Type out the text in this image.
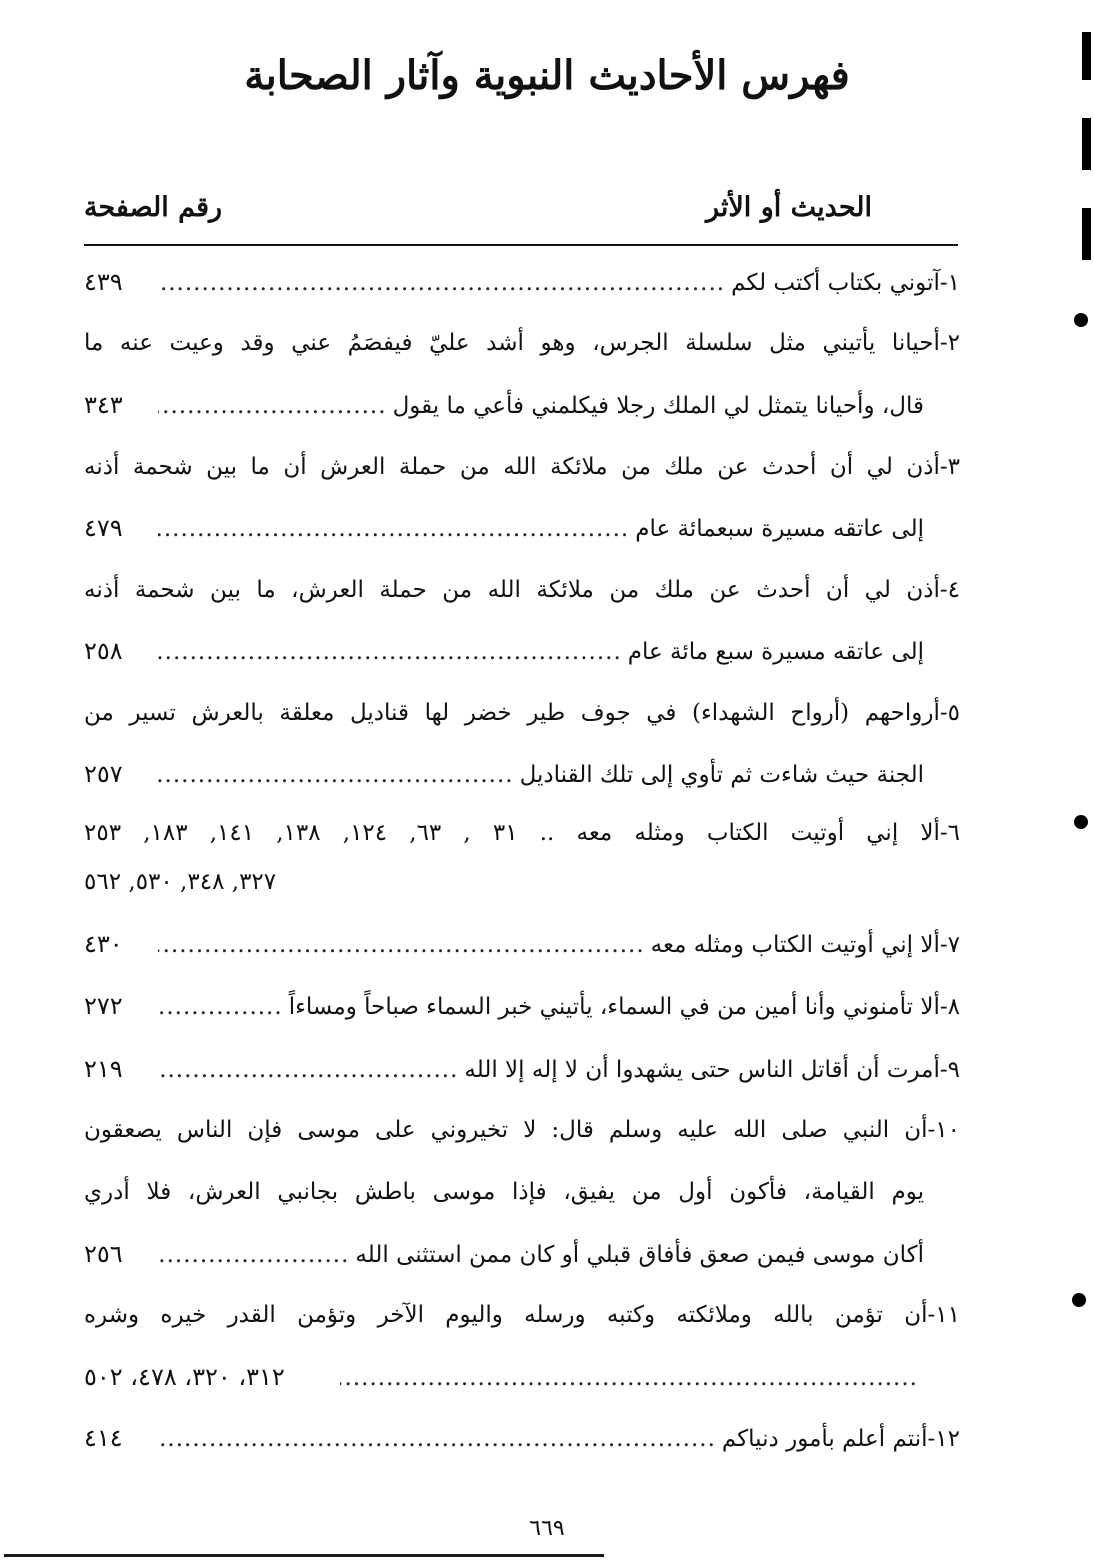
فهرس الأحاديث النبوية وآثار الصحابة
الحديث أو الأثر
رقم الصفحة
١-آتوني بكتاب أكتب لكم
.....
٤٣٩
٢-أحيانا يأتيني مثل سلسلة الجرس، وهو أشد عليّ فيفصَمُ عني وقد وعيت عنه ما
قال، وأحيانا يتمثل لي الملك رجلا فيكلمني فأعي ما يقول
.....
٣٤٣
٣-أذن لي أن أحدث عن ملك من ملائكة الله من حملة العرش أن ما بين شحمة أذنه
إلى عاتقه مسيرة سبعمائة عام
.....
٤٧٩
٤-أذن لي أن أحدث عن ملك من ملائكة الله من حملة العرش، ما بين شحمة أذنه
إلى عاتقه مسيرة سبع مائة عام
.....
٢٥٨
٥-أرواحهم (أرواح الشهداء) في جوف طير خضر لها قناديل معلقة بالعرش تسير من
الجنة حيث شاءت ثم تأوي إلى تلك القناديل
.....
٢٥٧
٦-ألا إني أوتيت الكتاب ومثله معه .. ٣١ , ٦٣, ١٢٤, ١٣٨, ١٤١, ١٨٣, ٢٥٣
٣٢٧, ٣٤٨, ٥٣٠, ٥٦٢
٧-ألا إني أوتيت الكتاب ومثله معه
.....
٤٣٠
٨-ألا تأمنوني وأنا أمين من في السماء، يأتيني خبر السماء صباحاً ومساءاً
.....
٢٧٢
٩-أمرت أن أقاتل الناس حتى يشهدوا أن لا إله إلا الله
.....
٢١٩
١٠-أن النبي صلى الله عليه وسلم قال: لا تخيروني على موسى فإن الناس يصعقون
يوم القيامة، فأكون أول من يفيق، فإذا موسى باطش بجانبي العرش، فلا أدري
أكان موسى فيمن صعق فأفاق قبلي أو كان ممن استثنى الله
.....
٢٥٦
١١-أن تؤمن بالله وملائكته وكتبه ورسله واليوم الآخر وتؤمن القدر خيره وشره
.....
٣١٢، ٣٢٠، ٤٧٨، ٥٠٢
١٢-أنتم أعلم بأمور دنياكم
.....
٤١٤
٦٦٩
